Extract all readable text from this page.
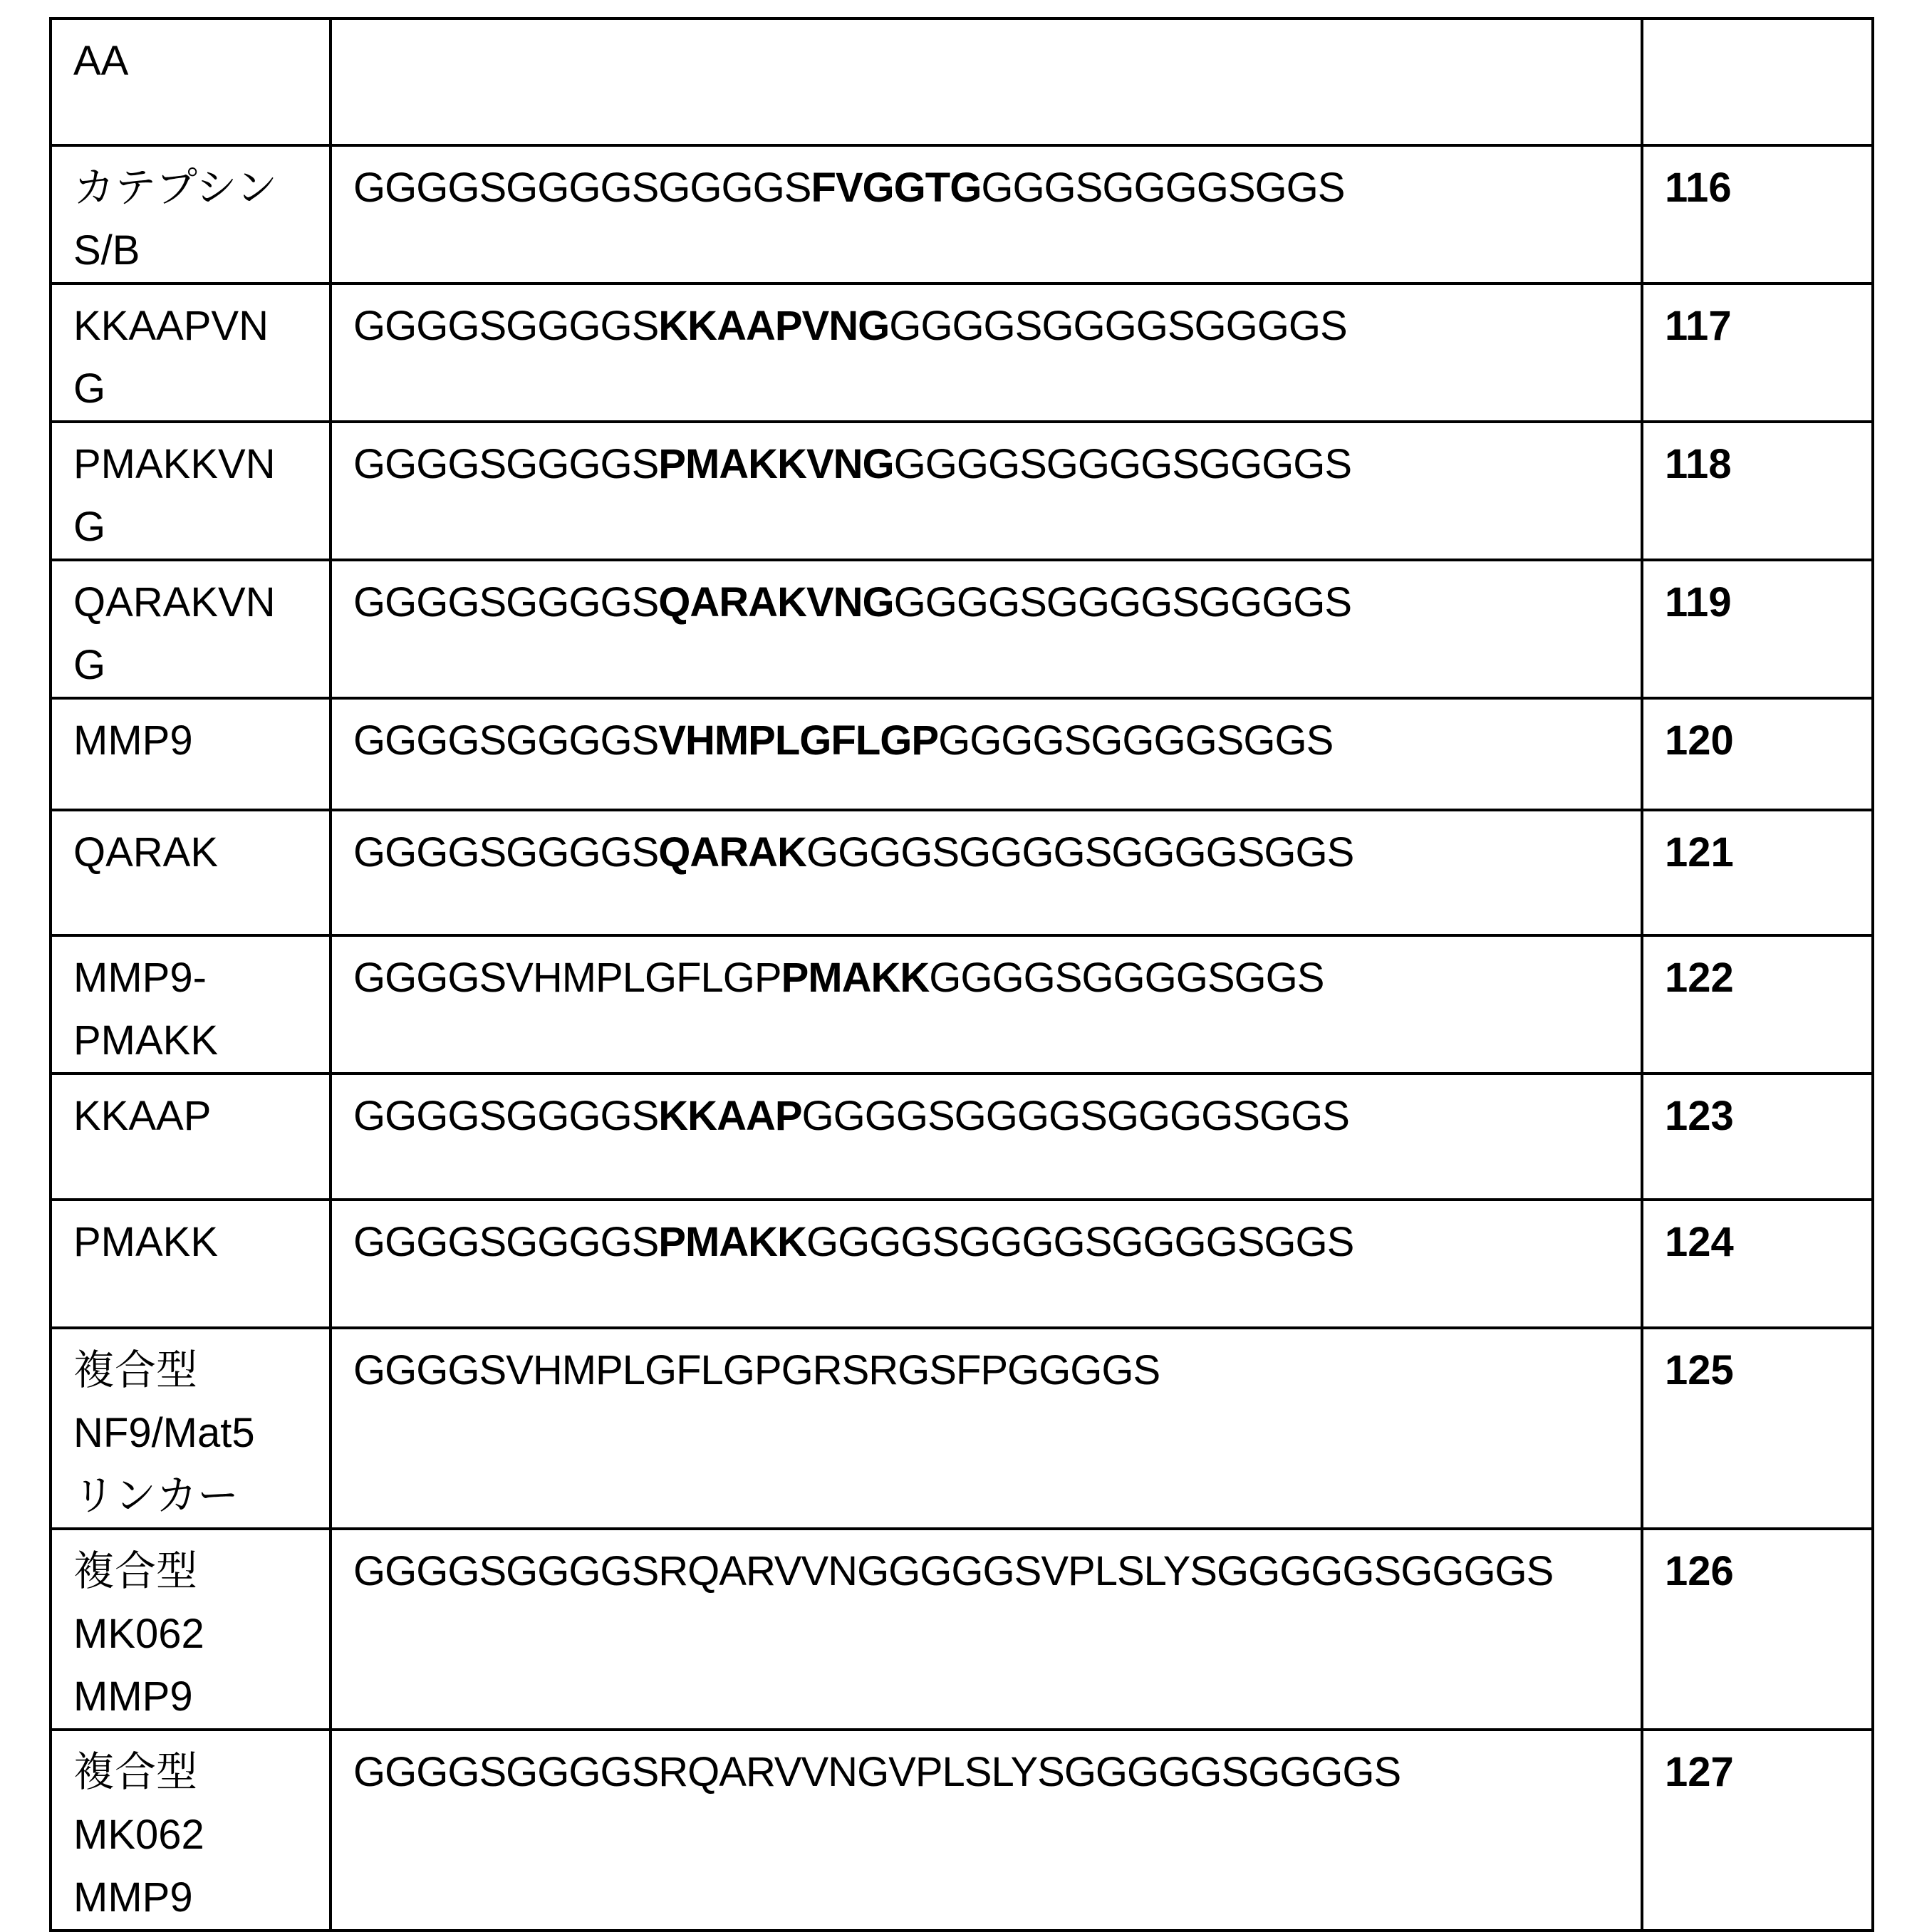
AA

カテプシン
S/B
	GGGGSGGGGSGGGGSFVGGTGGGGSGGGGSGGS	116

KKAAPVN
G
	GGGGSGGGGSKKAAPVNGGGGGSGGGGSGGGGS	117

PMAKKVN
G
	GGGGSGGGGSPMAKKVNGGGGGSGGGGSGGGGS	118

QARAKVN
G
	GGGGSGGGGSQARAKVNGGGGGSGGGGSGGGGS	119

MMP9	GGGGSGGGGSVHMPLGFLGPGGGGSGGGGSGGS	120

QARAK	GGGGSGGGGSQARAKGGGGSGGGGSGGGGSGGS	121

MMP9-
PMAKK
	GGGGSVHMPLGFLGPPMAKKGGGGSGGGGSGGS	122

KKAAP	GGGGSGGGGSKKAAPGGGGSGGGGSGGGGSGGS	123

PMAKK	GGGGSGGGGSPMAKKGGGGSGGGGSGGGGSGGS	124

複合型
NF9/Mat5
リンカー
	GGGGSVHMPLGFLGPGRSRGSFPGGGGS	125

複合型
MK062
MMP9
	GGGGSGGGGSRQARVVNGGGGGSVPLSLYSGGGGGSGGGGS	126

複合型
MK062
MMP9
	GGGGSGGGGSRQARVVNGVPLSLYSGGGGGSGGGGS	127
